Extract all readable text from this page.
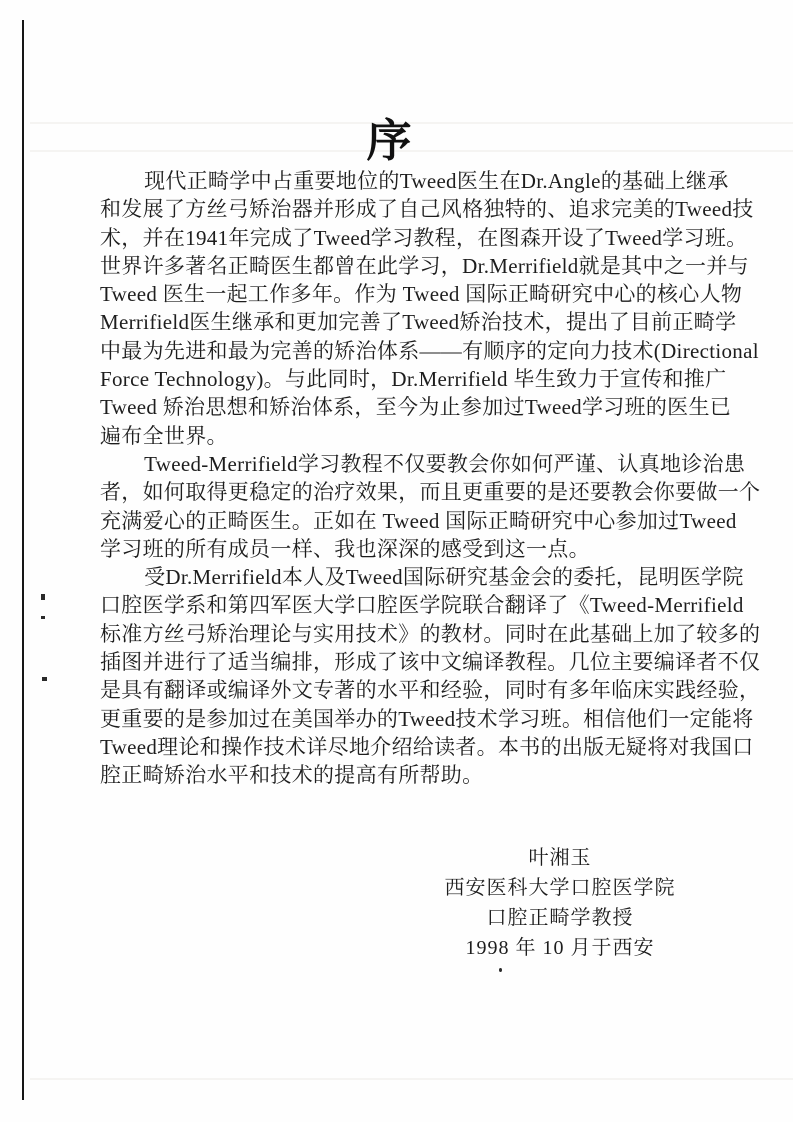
序
现代正畸学中占重要地位的Tweed医生在Dr.Angle的基础上继承
和发展了方丝弓矫治器并形成了自己风格独特的、追求完美的Tweed技
术，并在1941年完成了Tweed学习教程，在图森开设了Tweed学习班。
世界许多著名正畸医生都曾在此学习，Dr.Merrifield就是其中之一并与
Tweed 医生一起工作多年。作为 Tweed 国际正畸研究中心的核心人物
Merrifield医生继承和更加完善了Tweed矫治技术，提出了目前正畸学
中最为先进和最为完善的矫治体系——有顺序的定向力技术(Directional
Force Technology)。与此同时，Dr.Merrifield 毕生致力于宣传和推广
Tweed 矫治思想和矫治体系，至今为止参加过Tweed学习班的医生已
遍布全世界。
Tweed-Merrifield学习教程不仅要教会你如何严谨、认真地诊治患
者，如何取得更稳定的治疗效果，而且更重要的是还要教会你要做一个
充满爱心的正畸医生。正如在 Tweed 国际正畸研究中心参加过Tweed
学习班的所有成员一样、我也深深的感受到这一点。
受Dr.Merrifield本人及Tweed国际研究基金会的委托，昆明医学院
口腔医学系和第四军医大学口腔医学院联合翻译了《Tweed-Merrifield
标准方丝弓矫治理论与实用技术》的教材。同时在此基础上加了较多的
插图并进行了适当编排，形成了该中文编译教程。几位主要编译者不仅
是具有翻译或编译外文专著的水平和经验，同时有多年临床实践经验，
更重要的是参加过在美国举办的Tweed技术学习班。相信他们一定能将
Tweed理论和操作技术详尽地介绍给读者。本书的出版无疑将对我国口
腔正畸矫治水平和技术的提高有所帮助。
叶湘玉
西安医科大学口腔医学院
口腔正畸学教授
1998 年 10 月于西安
